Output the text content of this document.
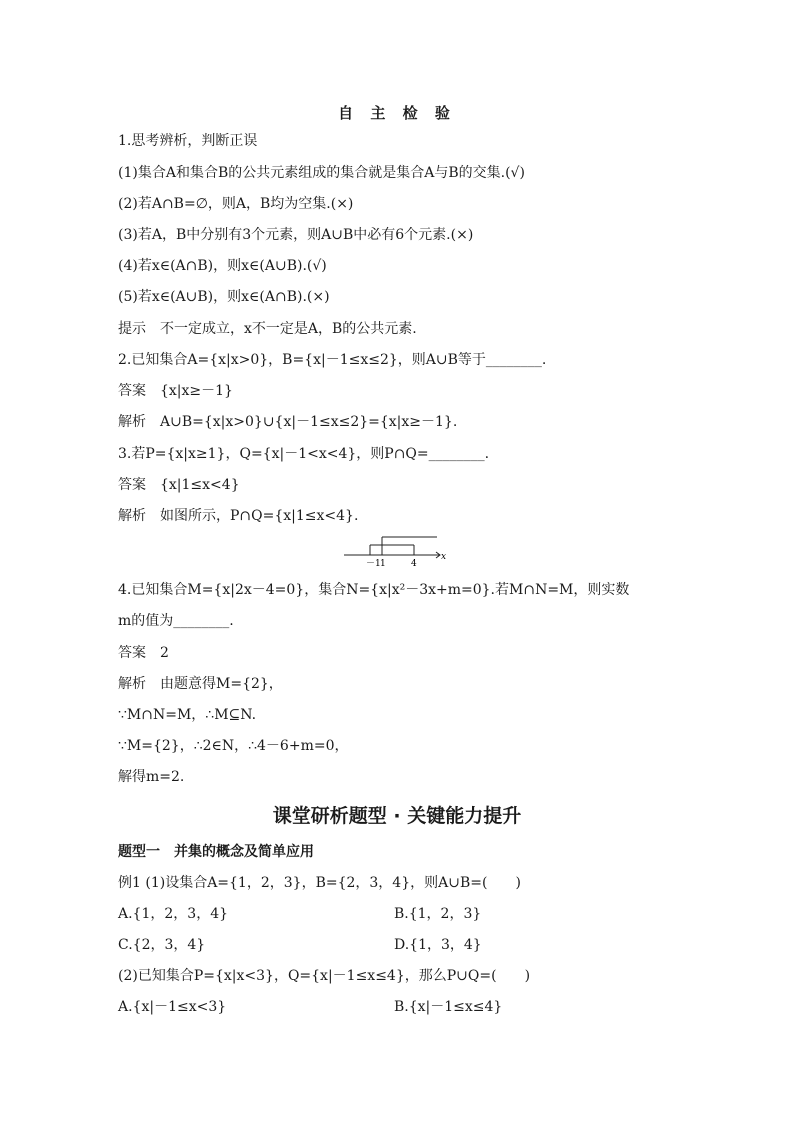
自 主 检 验
1.思考辨析，判断正误
(1)集合A和集合B的公共元素组成的集合就是集合A与B的交集.(√)
(2)若A∩B=∅，则A，B均为空集.(×)
(3)若A，B中分别有3个元素，则A∪B中必有6个元素.(×)
(4)若x∈(A∩B)，则x∈(A∪B).(√)
(5)若x∈(A∪B)，则x∈(A∩B).(×)
提示　不一定成立，x不一定是A，B的公共元素.
2.已知集合A={x|x>0}，B={x|－1≤x≤2}，则A∪B等于________.
答案　{x|x≥－1}
解析　A∪B={x|x>0}∪{x|－1≤x≤2}={x|x≥－1}.
3.若P={x|x≥1}，Q={x|－1<x<4}，则P∩Q=________.
答案　{x|1≤x<4}
解析　如图所示，P∩Q={x|1≤x<4}.
－1 1	4
x
4.已知集合M={x|2x－4=0}，集合N={x|x²－3x+m=0}.若M∩N=M，则实数
m的值为________.
答案　2
解析　由题意得M={2}，
∵M∩N=M，∴M⊆N.
∵M={2}，∴2∈N，∴4－6+m=0，
解得m=2.
课堂研析题型 · 关键能力提升
题型一　并集的概念及简单应用
例1 (1)设集合A={1，2，3}，B={2，3，4}，则A∪B=(　　)
A.{1，2，3，4}	B.{1，2，3}
C.{2，3，4}	D.{1，3，4}
(2)已知集合P={x|x<3}，Q={x|－1≤x≤4}，那么P∪Q=(　　)
A.{x|－1≤x<3}	B.{x|－1≤x≤4}
